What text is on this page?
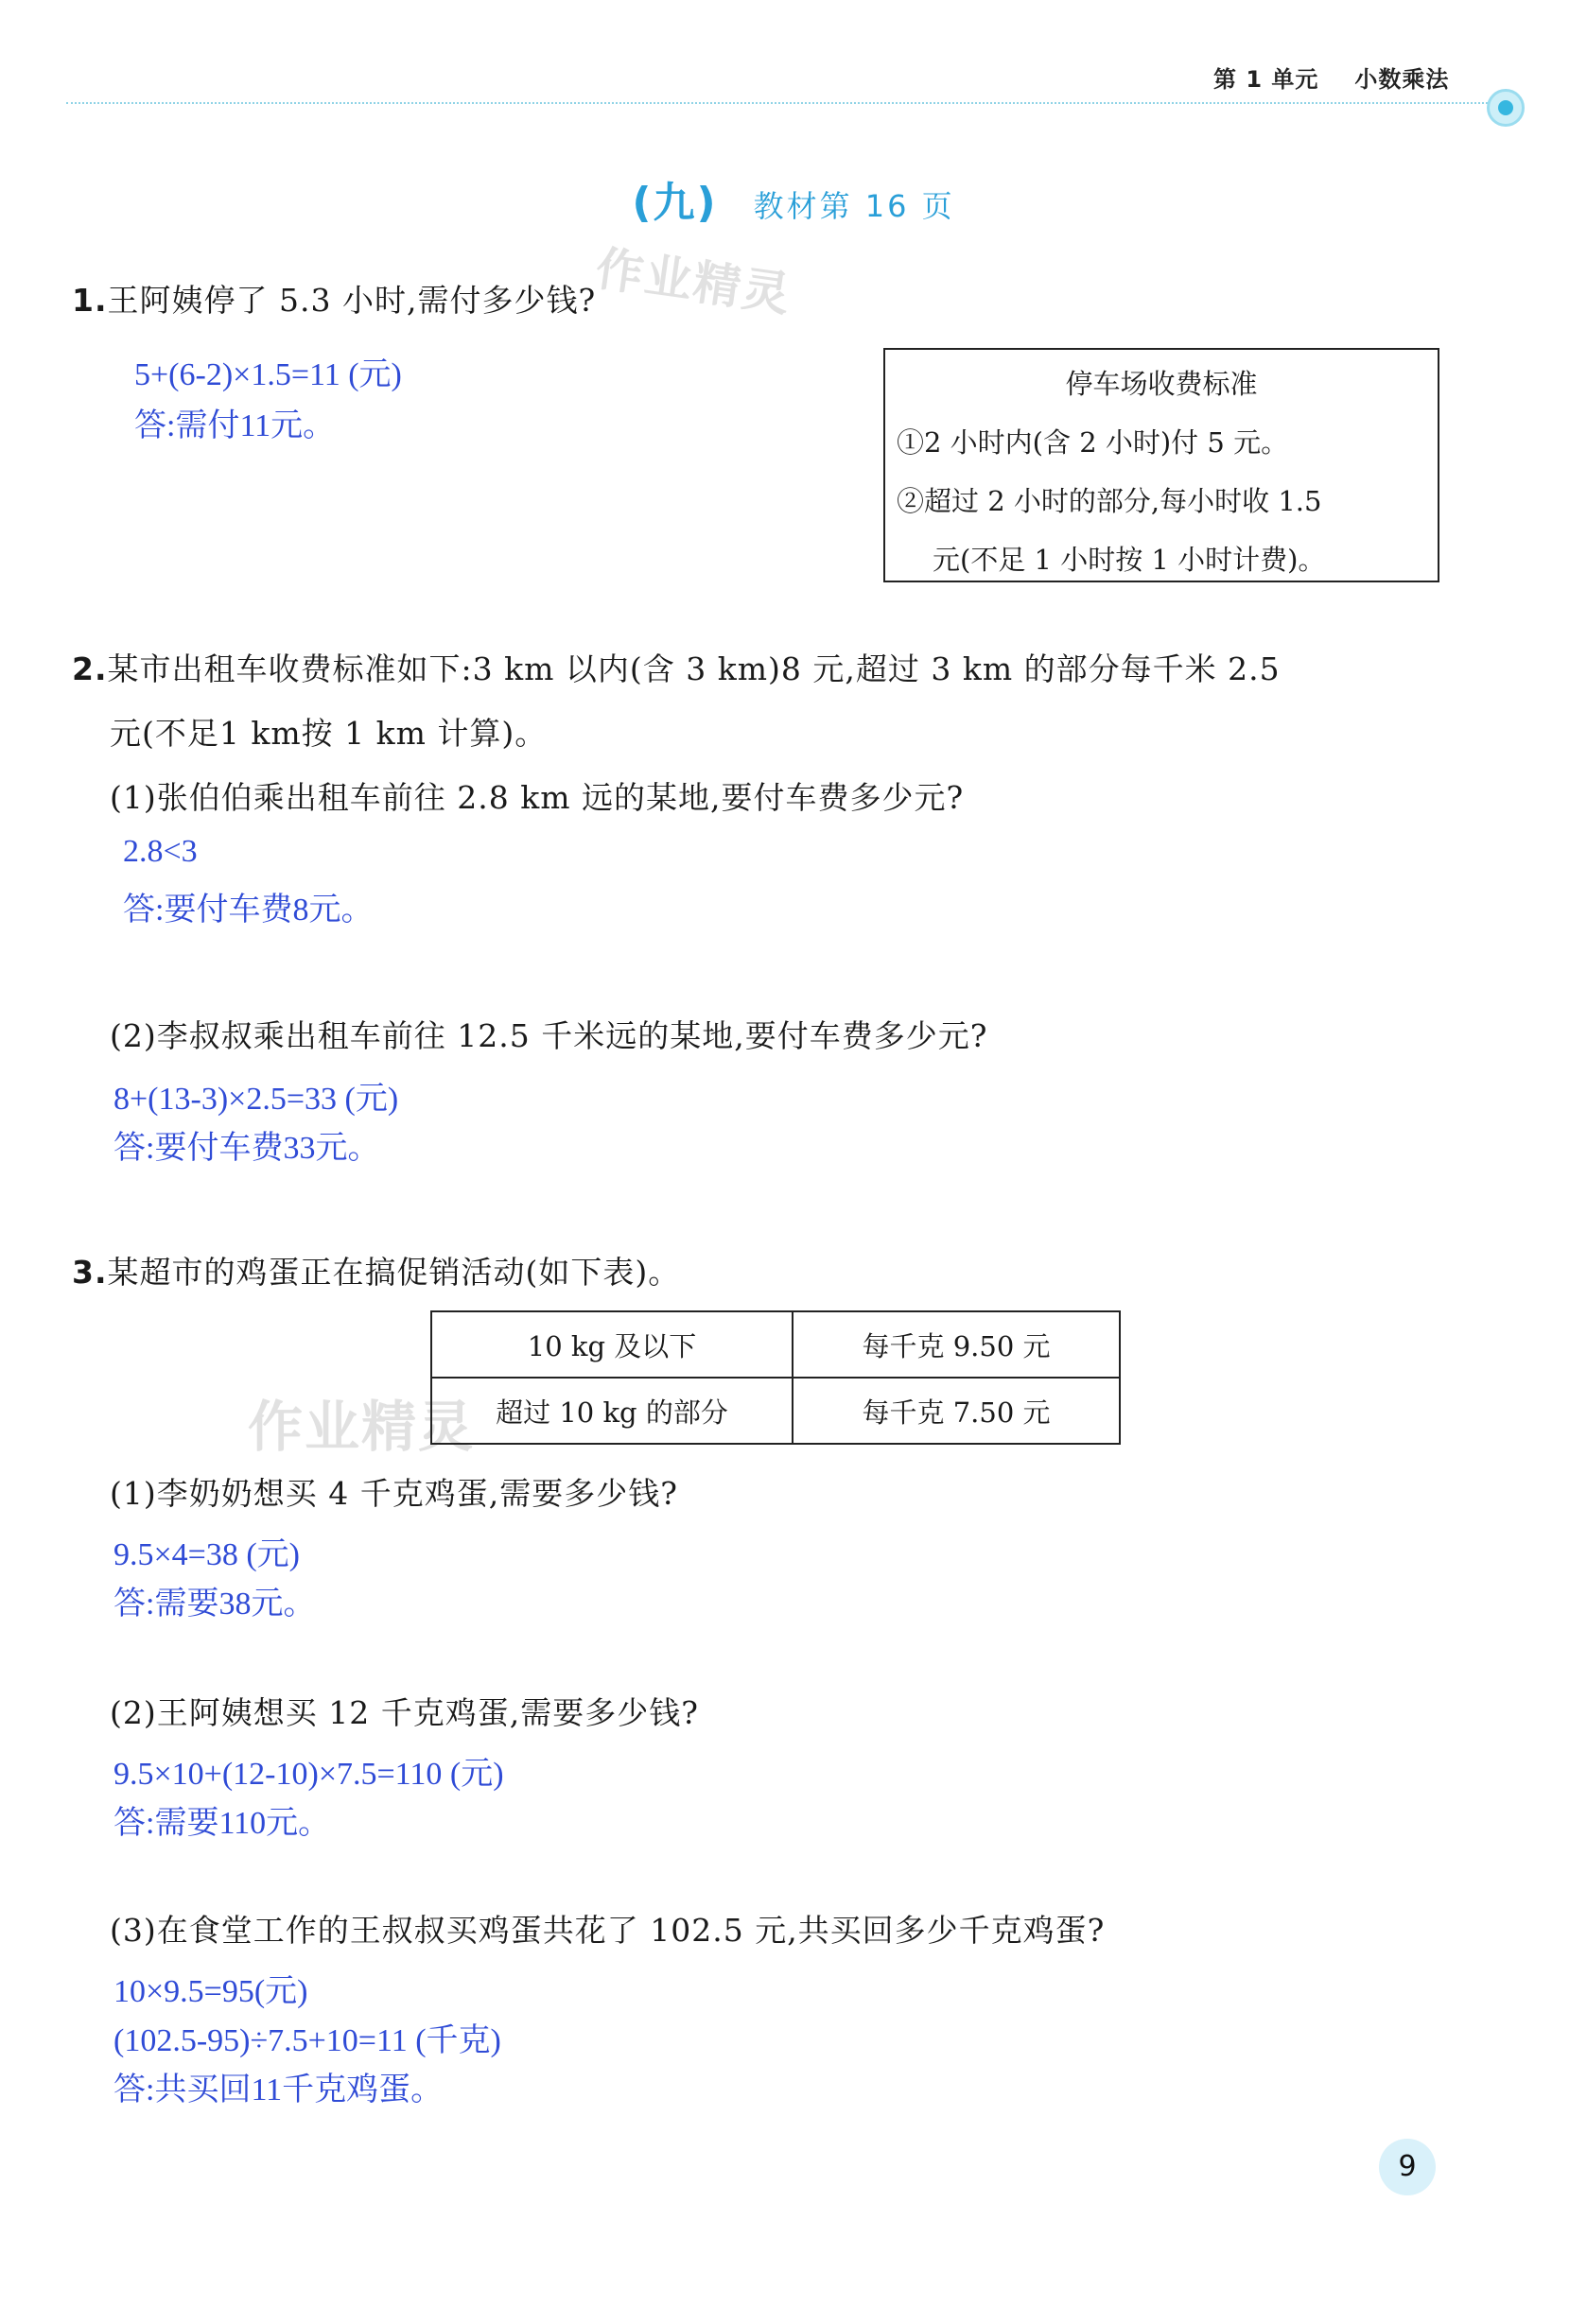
第 1 单元 小数乘法
(九) 教材第 16 页
作业精灵
作业精灵
1.王阿姨停了 5.3 小时,需付多少钱?
5+(6-2)×1.5=11 (元)
答:需付11元。
停车场收费标准
①2 小时内(含 2 小时)付 5 元。
②超过 2 小时的部分,每小时收 1.5
元(不足 1 小时按 1 小时计费)。
2.某市出租车收费标准如下:3 km 以内(含 3 km)8 元,超过 3 km 的部分每千米 2.5
元(不足1 km按 1 km 计算)。
(1)张伯伯乘出租车前往 2.8 km 远的某地,要付车费多少元?
2.8<3
答:要付车费8元。
(2)李叔叔乘出租车前往 12.5 千米远的某地,要付车费多少元?
8+(13-3)×2.5=33 (元)
答:要付车费33元。
3.某超市的鸡蛋正在搞促销活动(如下表)。
10 kg 及以下	每千克 9.50 元
超过 10 kg 的部分	每千克 7.50 元
(1)李奶奶想买 4 千克鸡蛋,需要多少钱?
9.5×4=38 (元)
答:需要38元。
(2)王阿姨想买 12 千克鸡蛋,需要多少钱?
9.5×10+(12-10)×7.5=110 (元)
答:需要110元。
(3)在食堂工作的王叔叔买鸡蛋共花了 102.5 元,共买回多少千克鸡蛋?
10×9.5=95(元)
(102.5-95)÷7.5+10=11 (千克)
答:共买回11千克鸡蛋。
9
